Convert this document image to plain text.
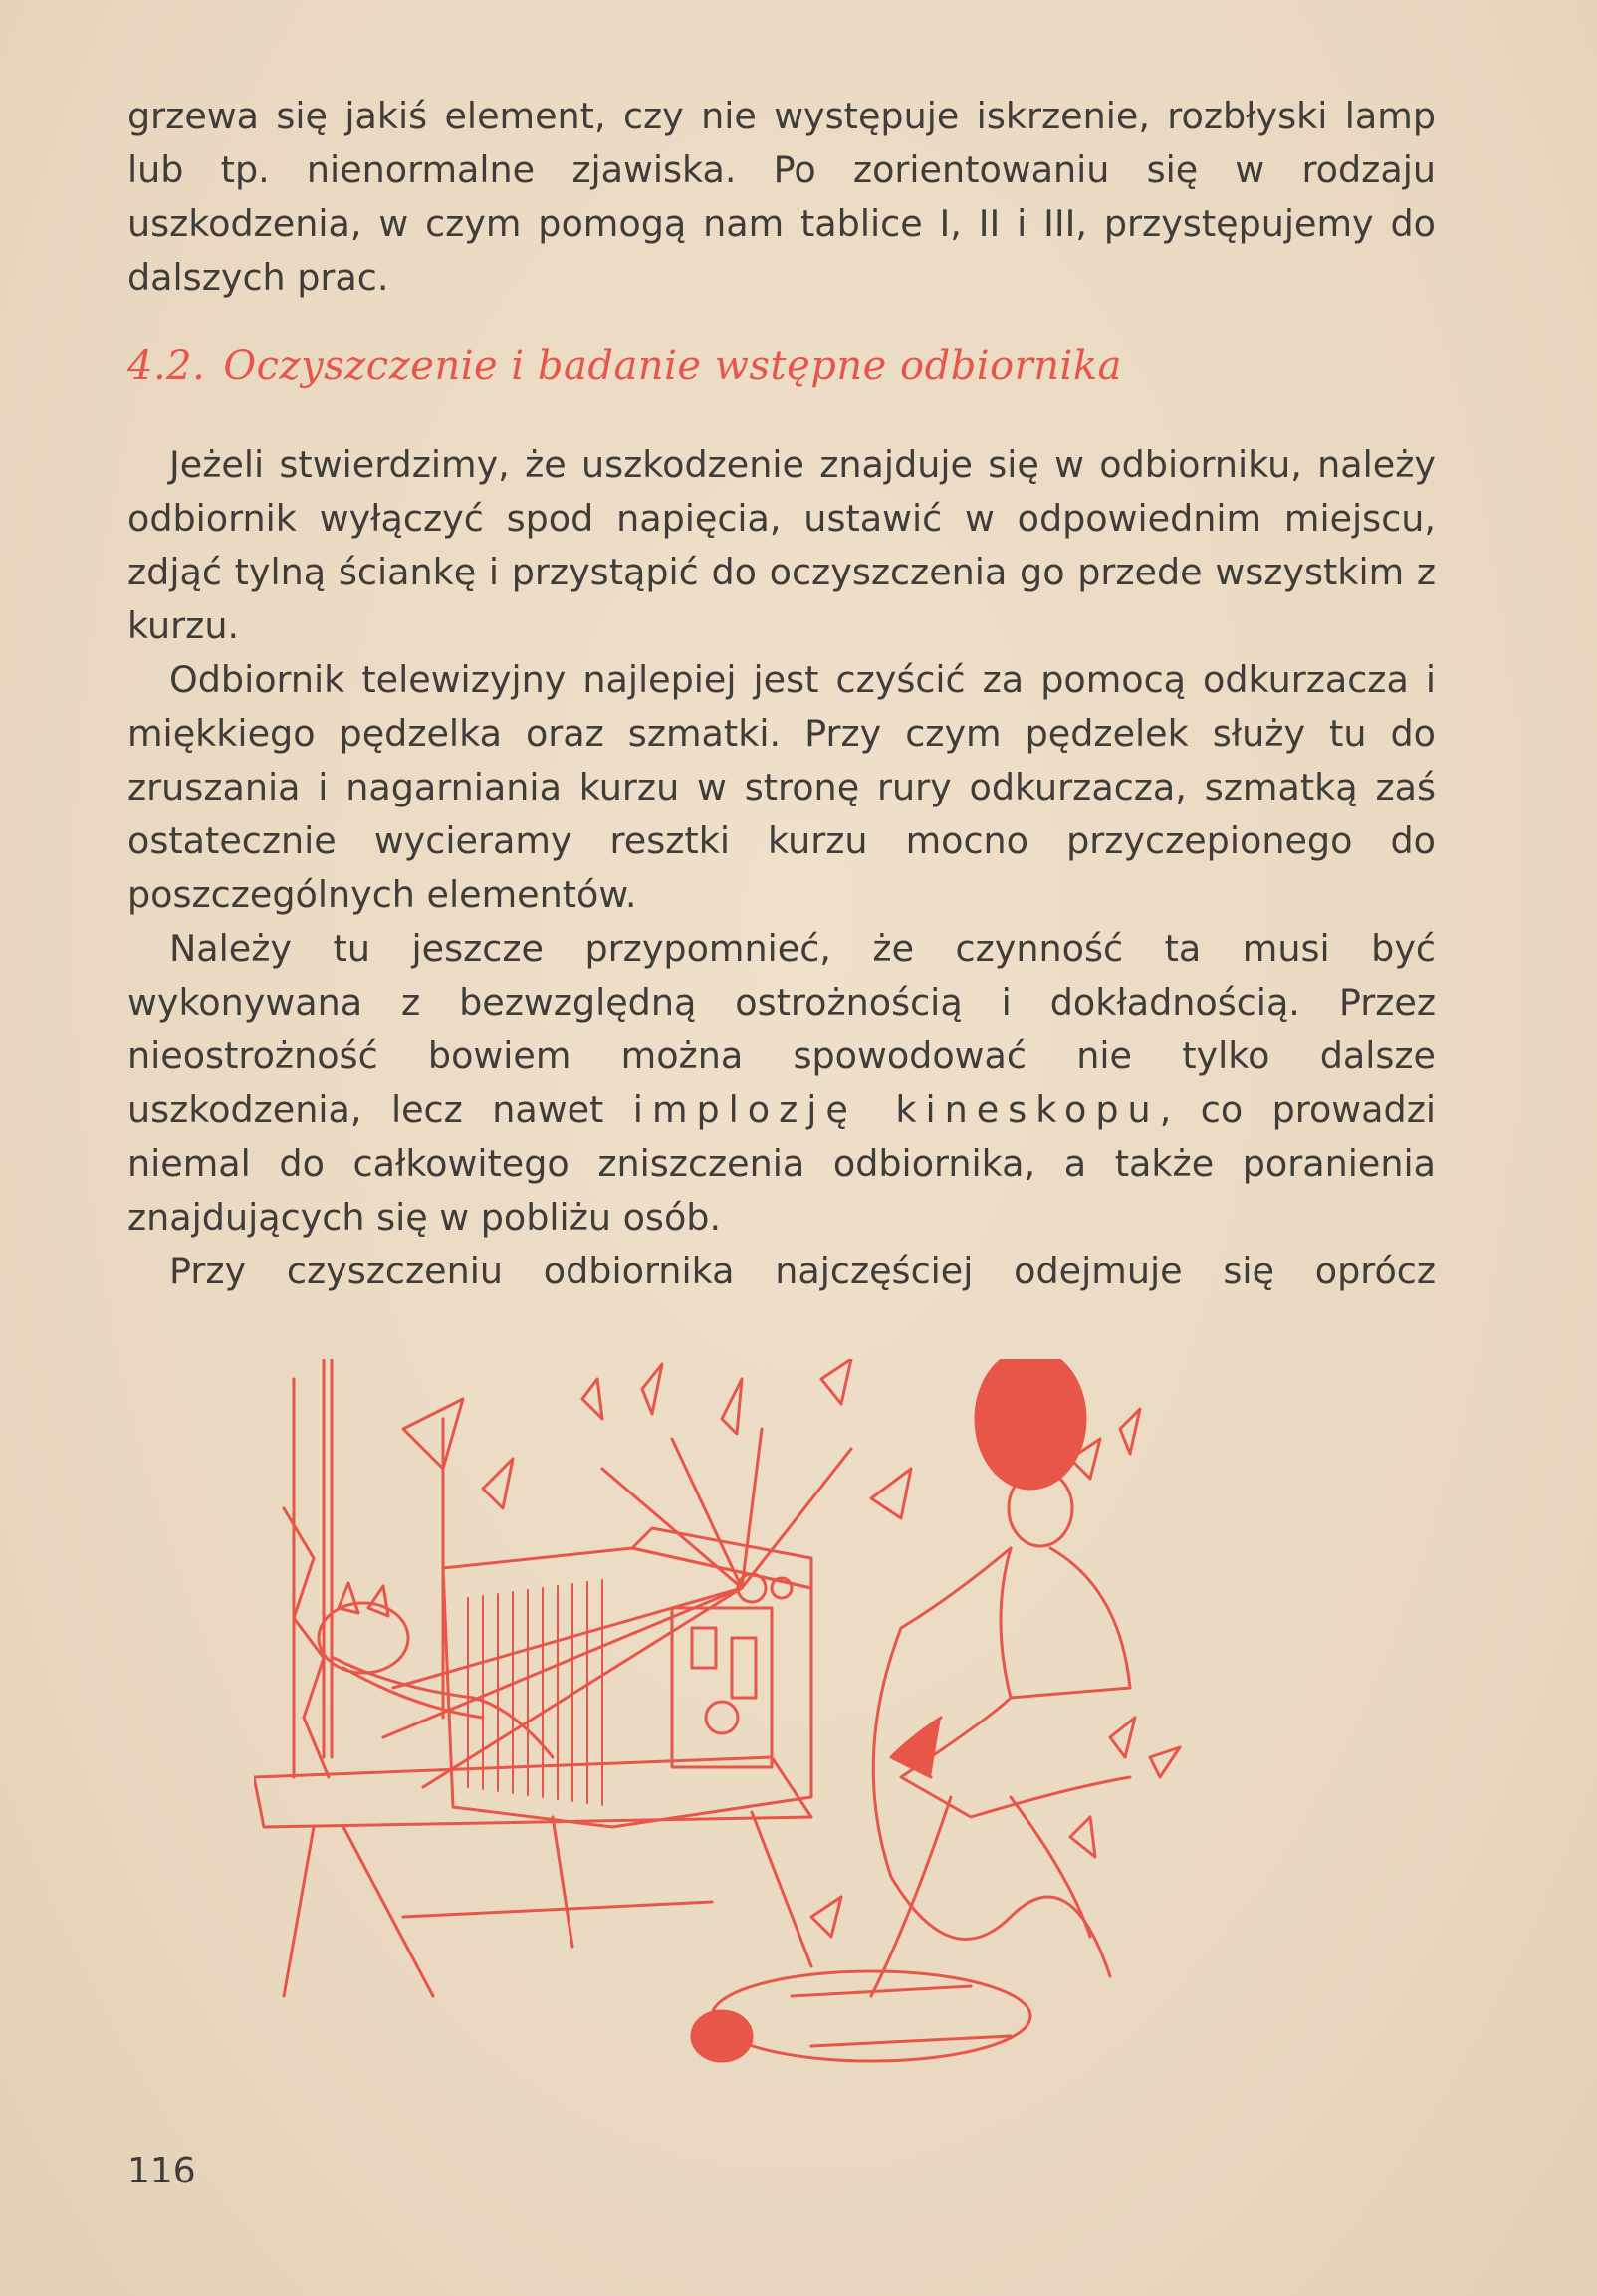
grzewa się jakiś element, czy nie występuje iskrzenie, rozbłyski lamp lub tp. nienormalne zjawiska. Po zorientowaniu się w rodzaju uszkodzenia, w czym pomogą nam tablice I, II i III, przystępujemy do dalszych prac.

4.2. Oczyszczenie i badanie wstępne odbiornika

Jeżeli stwierdzimy, że uszkodzenie znajduje się w odbiorniku, należy odbiornik wyłączyć spod napięcia, ustawić w odpowiednim miejscu, zdjąć tylną ściankę i przystąpić do oczyszczenia go przede wszystkim z kurzu.

Odbiornik telewizyjny najlepiej jest czyścić za pomocą odkurzacza i miękkiego pędzelka oraz szmatki. Przy czym pędzelek służy tu do zruszania i nagarniania kurzu w stronę rury odkurzacza, szmatką zaś ostatecznie wycieramy resztki kurzu mocno przyczepionego do poszczególnych elementów.

Należy tu jeszcze przypomnieć, że czynność ta musi być wykonywana z bezwzględną ostrożnością i dokładnością. Przez nieostrożność bowiem można spowodować nie tylko dalsze uszkodzenia, lecz nawet implozję kineskopu, co prowadzi niemal do całkowitego zniszczenia odbiornika, a także poranienia znajdujących się w pobliżu osób.

Przy czyszczeniu odbiornika najczęściej odejmuje się oprócz

116
